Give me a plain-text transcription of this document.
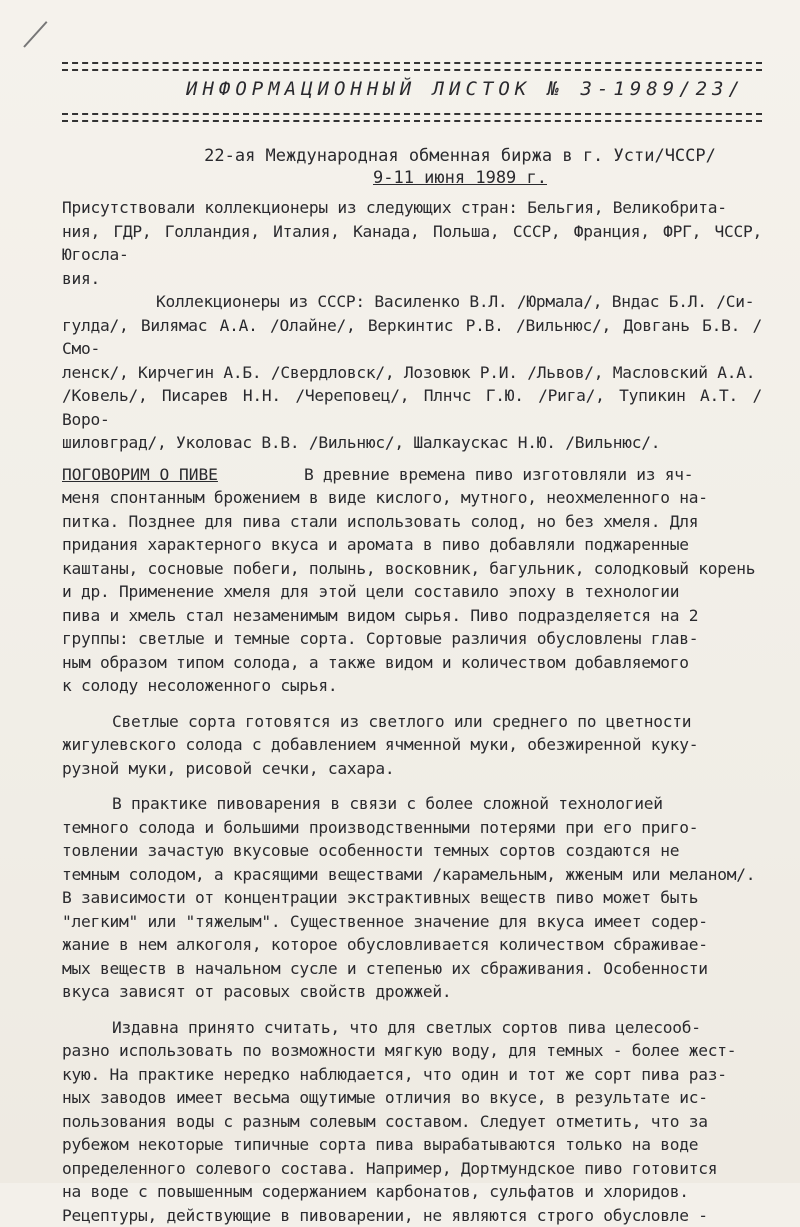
ИНФОРМАЦИОННЫЙ ЛИСТОК № 3-1989/23/
22-ая Международная обменная биржа в г. Усти/ЧССР/
9-11 июня 1989 г.

Присутствовали коллекционеры из следующих стран: Бельгия, Великобрита-
ния, ГДР, Голландия, Италия, Канада, Польша, СССР, Франция, ФРГ, ЧССР, Югосла-
вия.

Коллекционеры из СССР: Василенко В.Л. /Юрмала/, Вндас Б.Л. /Си-
гулда/, Вилямас А.А. /Олайне/, Веркинтис Р.В. /Вильнюс/, Довгань Б.В. /Смо-
ленск/, Кирчегин А.Б. /Свердловск/, Лозовюк Р.И. /Львов/, Масловский А.А.
/Ковель/, Писарев Н.Н. /Череповец/, Плнчс Г.Ю. /Рига/, Тупикин А.Т. /Воро-
шиловград/, Уколовас В.В. /Вильнюс/, Шалкаускас Н.Ю. /Вильнюс/.

ПОГОВОРИМ О ПИВЕ	В древние времена пиво изготовляли из яч-

меня спонтанным брожением в виде кислого, мутного, неохмеленного на-
питка. Позднее для пива стали использовать солод, но без хмеля. Для
придания характерного вкуса и аромата в пиво добавляли поджаренные
каштаны, сосновые побеги, полынь, восковник, багульник, солодковый корень
и др. Применение хмеля для этой цели составило эпоху в технологии
пива и хмель стал незаменимым видом сырья. Пиво подразделяется на 2
группы: светлые и темные сорта. Сортовые различия обусловлены глав-
ным образом типом солода, а также видом и количеством добавляемого
к солоду несоложенного сырья.

Светлые сорта готовятся из светлого или среднего по цветности
жигулевского солода с добавлением ячменной муки, обезжиренной куку-
рузной муки, рисовой сечки, сахара.

В практике пивоварения в связи с более сложной технологией
темного солода и большими производственными потерями при его приго-
товлении зачастую вкусовые особенности темных сортов создаются не
темным солодом, а красящими веществами /карамельным, жженым или меланом/.
В зависимости от концентрации экстрактивных веществ пиво может быть
"легким" или "тяжелым". Существенное значение для вкуса имеет содер-
жание в нем алкоголя, которое обусловливается количеством сбраживае-
мых веществ в начальном сусле и степенью их сбраживания. Особенности
вкуса зависят от расовых свойств дрожжей.

Издавна принято считать, что для светлых сортов пива целесооб-
разно использовать по возможности мягкую воду, для темных - более жест-
кую. На практике нередко наблюдается, что один и тот же сорт пива раз-
ных заводов имеет весьма ощутимые отличия во вкусе, в результате ис-
пользования воды с разным солевым составом. Следует отметить, что за
рубежом некоторые типичные сорта пива вырабатываются только на воде
определенного солевого состава. Например, Дортмундское пиво готовится
на воде с повышенным содержанием карбонатов, сульфатов и хлоридов.
Рецептуры, действующие в пивоварении, не являются строго обусловле -
